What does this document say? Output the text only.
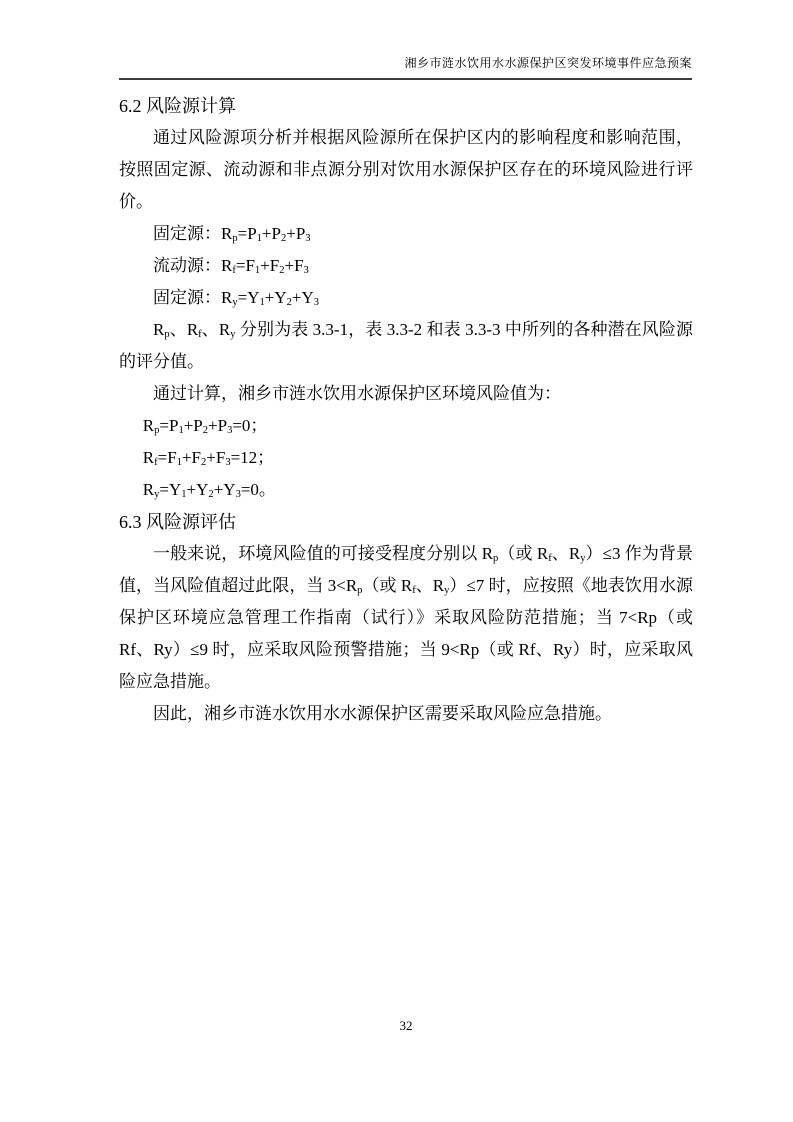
湘乡市涟水饮用水水源保护区突发环境事件应急预案

6.2 风险源计算

通过风险源项分析并根据风险源所在保护区内的影响程度和影响范围，按照固定源、流动源和非点源分别对饮用水源保护区存在的环境风险进行评价。

固定源：$R_p=P_1+P_2+P_3$

流动源：$R_f=F_1+F_2+F_3$

固定源：$R_y=Y_1+Y_2+Y_3$

$R_p$、$R_f$、$R_y$ 分别为表 3.3-1，表 3.3-2 和表 3.3-3 中所列的各种潜在风险源的评分值。

通过计算，湘乡市涟水饮用水源保护区环境风险值为：

$R_p=P_1+P_2+P_3=0$；

$R_f=F_1+F_2+F_3=12$；

$R_y=Y_1+Y_2+Y_3=0$。

6.3 风险源评估

一般来说，环境风险值的可接受程度分别以 $R_p$（或 $R_f$、$R_y)\le 3$ 作为背景值，当风险值超过此限，当 $3<R_p$（或 $R_f$、$R_y)\le 7$ 时，应按照《地表饮用水源保护区环境应急管理工作指南（试行）》采取风险防范措施；当 7<Rp（或 Rf、Ry）≤9 时，应采取风险预警措施；当 9<Rp（或 Rf、Ry）时，应采取风险应急措施。

因此，湘乡市涟水饮用水水源保护区需要采取风险应急措施。

32
